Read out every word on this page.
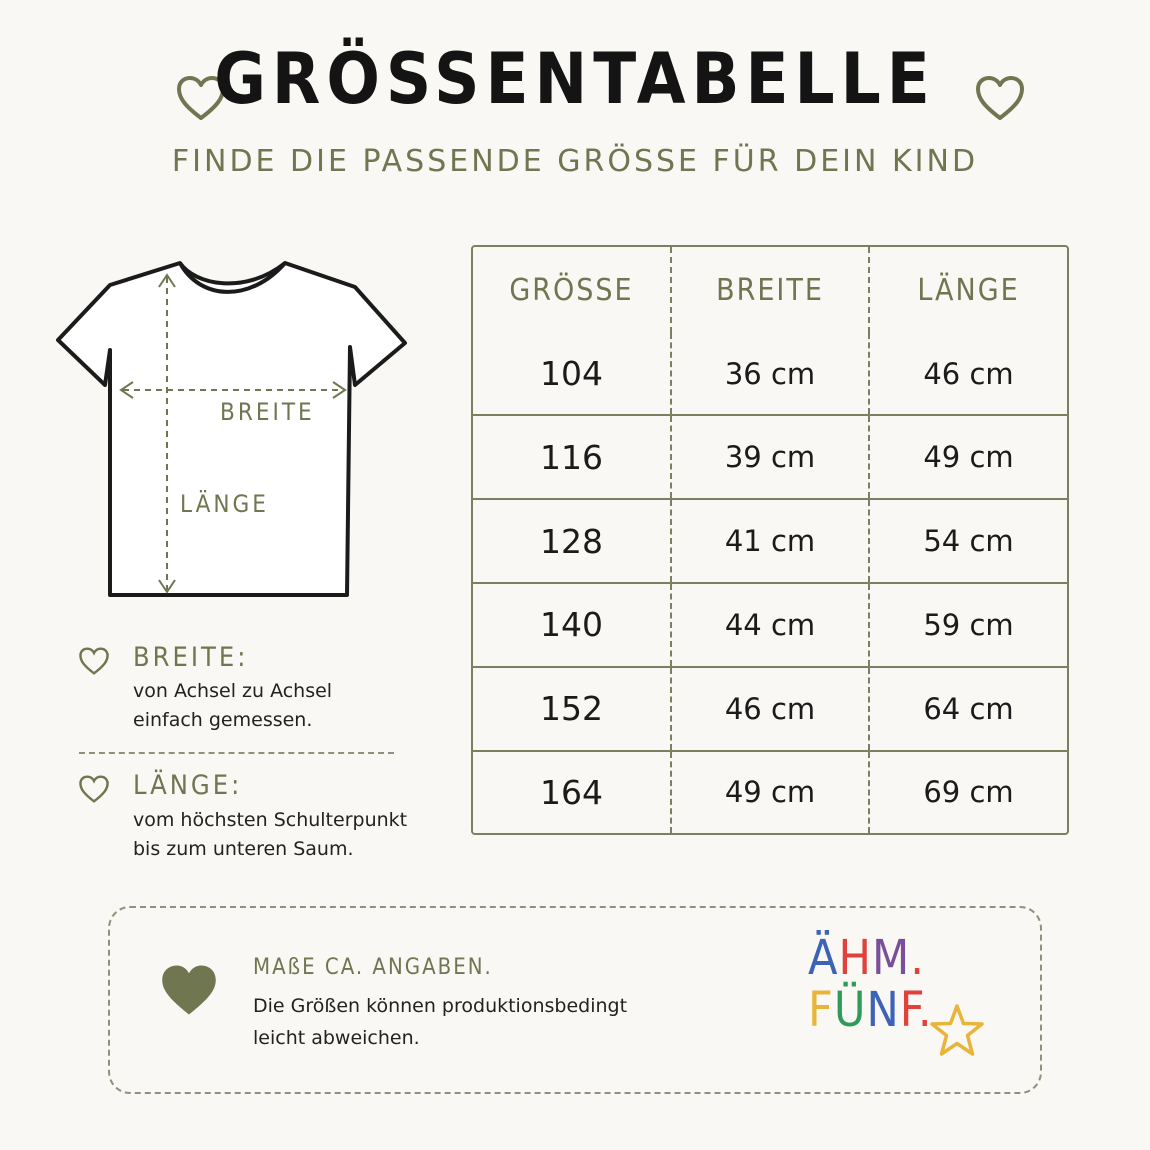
GRÖSSENTABELLE
FINDE DIE PASSENDE GRÖSSE FÜR DEIN KIND
BREITE
LÄNGE
BREITE:
von Achsel zu Achsel
einfach gemessen.
LÄNGE:
vom höchsten Schulterpunkt
bis zum unteren Saum.
GRÖSSE	BREITE	LÄNGE
104	36 cm	46 cm
116	39 cm	49 cm
128	41 cm	54 cm
140	44 cm	59 cm
152	46 cm	64 cm
164	49 cm	69 cm
MAßE CA. ANGABEN.
Die Größen können produktionsbedingt
leicht abweichen.
ÄHM.
FÜNF.
